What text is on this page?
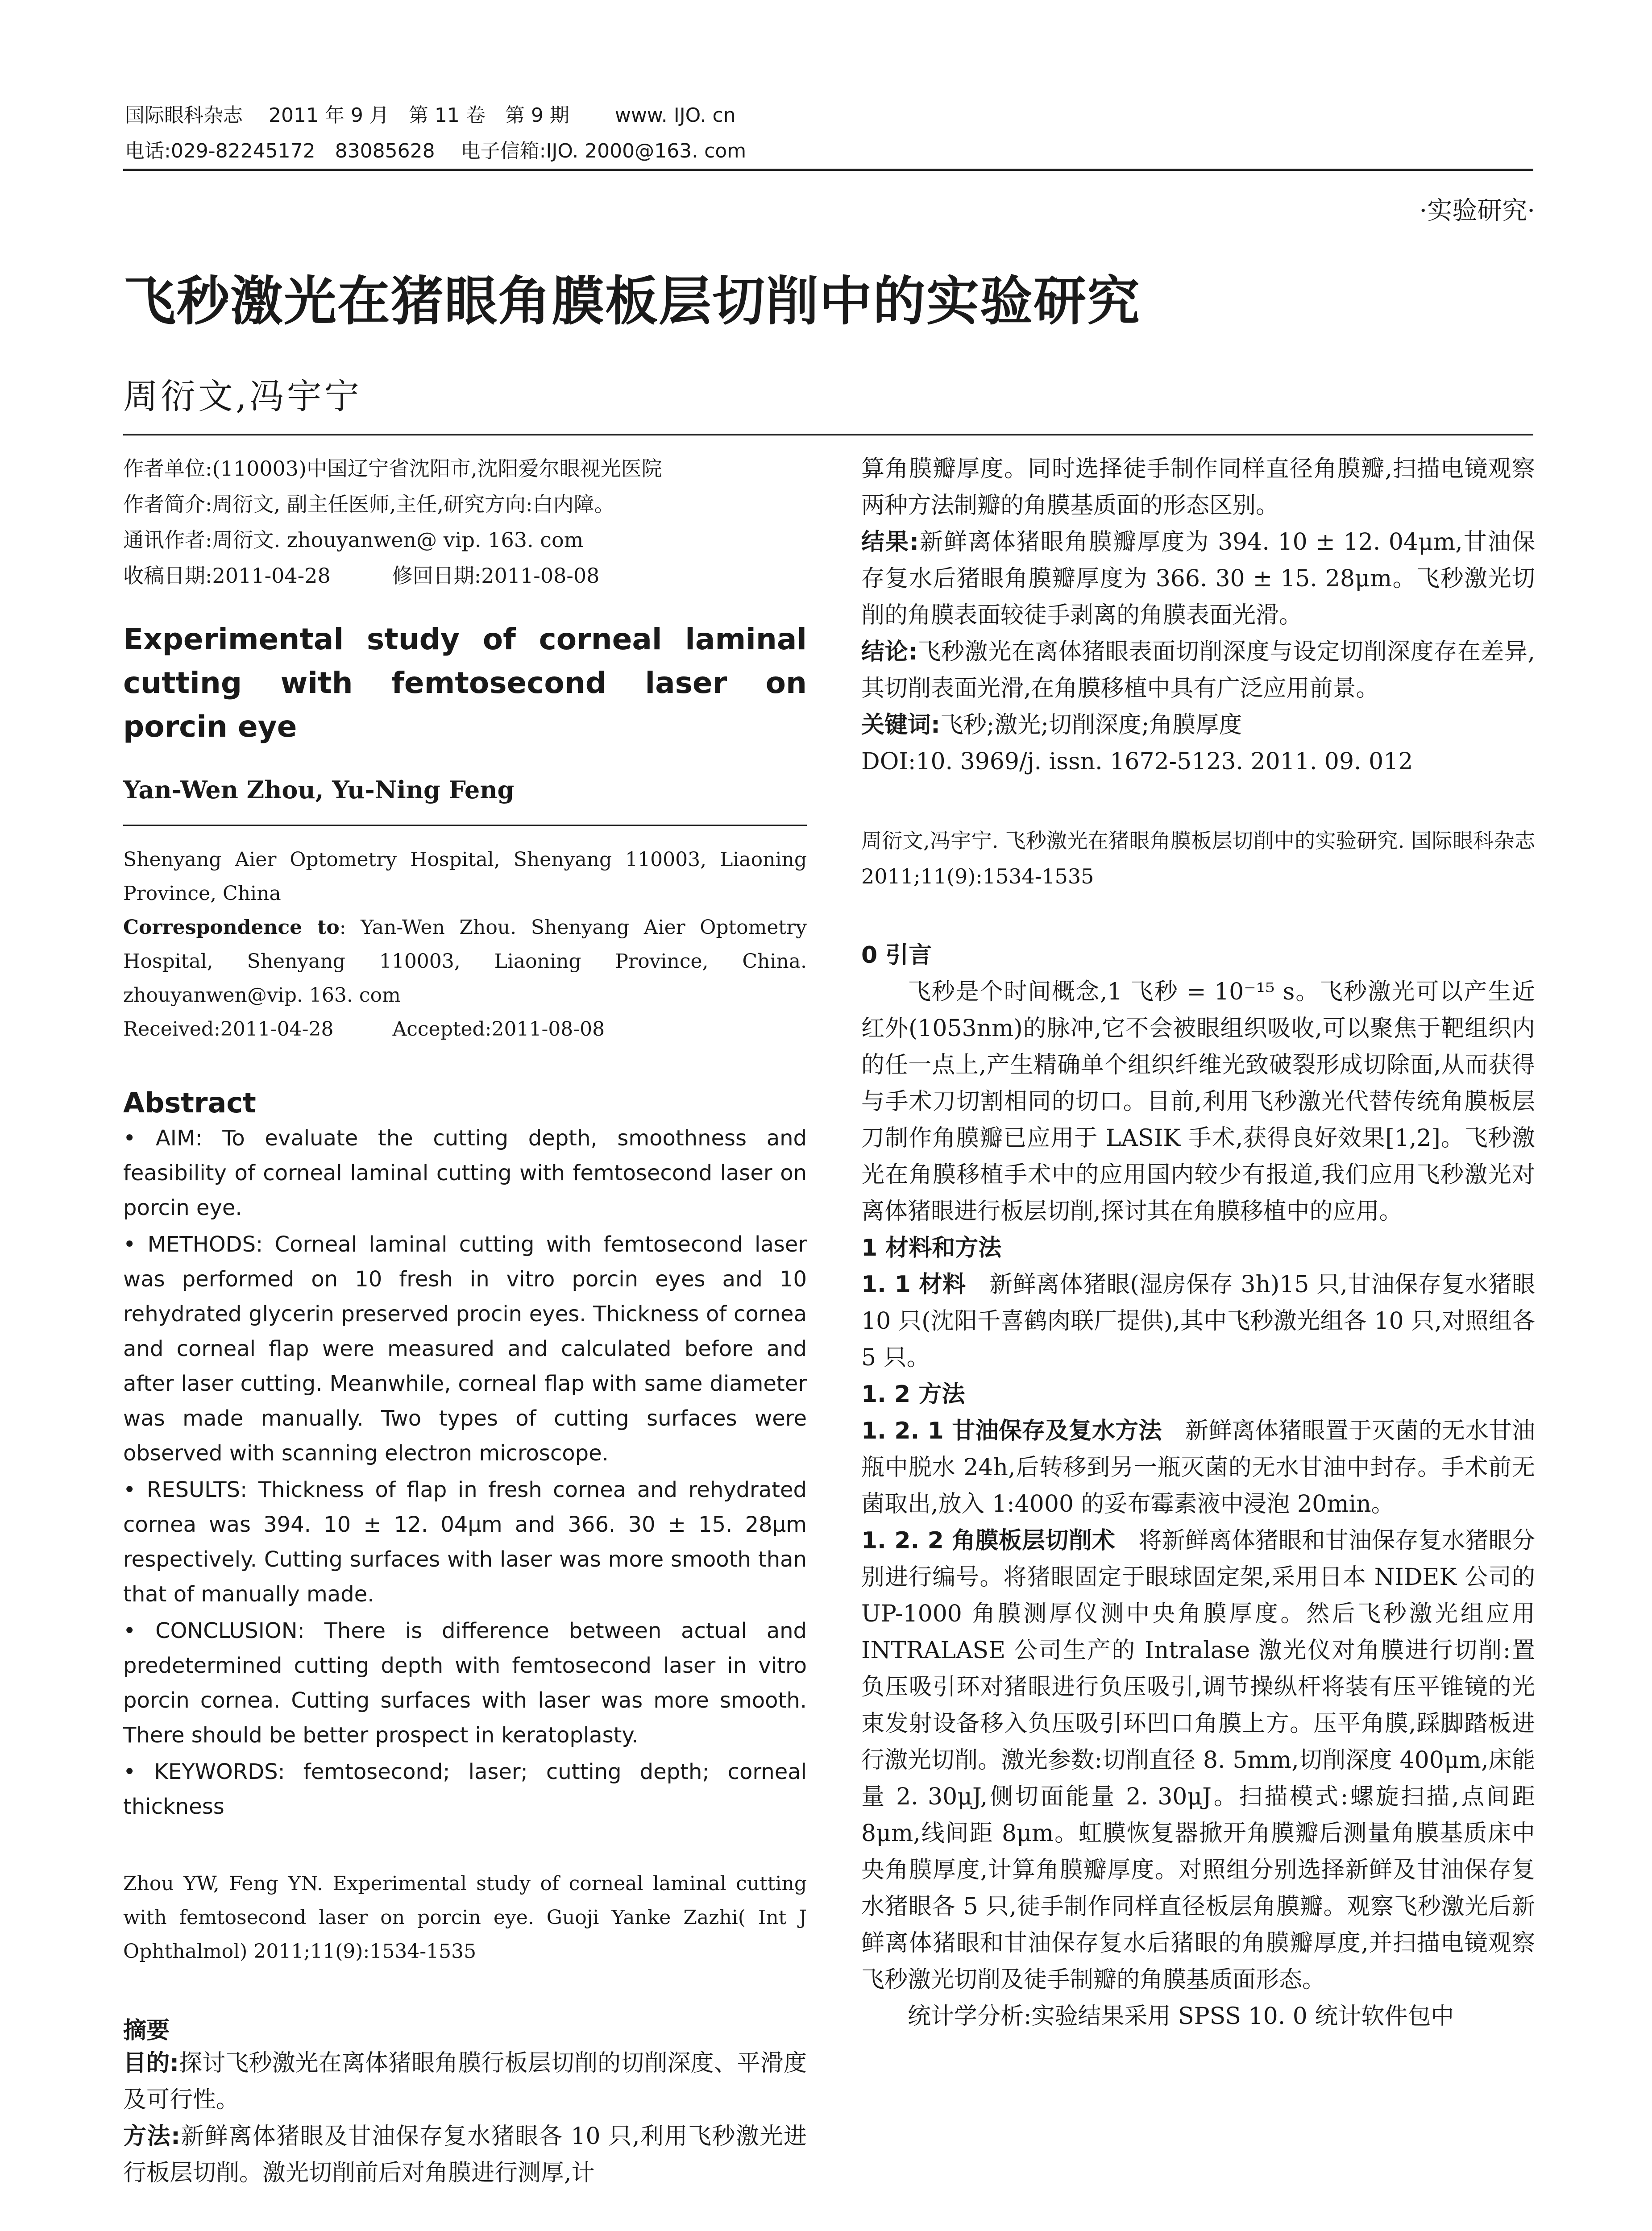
国际眼科杂志　 2011 年 9 月　第 11 卷　第 9 期　　 www. IJO. cn
电话:029-82245172　83085628　 电子信箱:IJO. 2000@163. com
·实验研究·
飞秒激光在猪眼角膜板层切削中的实验研究
周衍文,冯宇宁
作者单位:(110003)中国辽宁省沈阳市,沈阳爱尔眼视光医院
作者简介:周衍文, 副主任医师,主任,研究方向:白内障。
通讯作者:周衍文. zhouyanwen@ vip. 163. com
收稿日期:2011-04-28　　　修回日期:2011-08-08
Experimental study of corneal laminal
cutting with femtosecond laser on porcin eye
Yan-Wen Zhou, Yu-Ning Feng
Shenyang Aier Optometry Hospital, Shenyang 110003, Liaoning Province, China
Correspondence to: Yan-Wen Zhou. Shenyang Aier Optometry Hospital, Shenyang 110003, Liaoning Province, China. zhouyanwen@vip. 163. com
Received:2011-04-28　　　Accepted:2011-08-08
Abstract
• AIM: To evaluate the cutting depth, smoothness and feasibility of corneal laminal cutting with femtosecond laser on porcin eye.
• METHODS: Corneal laminal cutting with femtosecond laser was performed on 10 fresh in vitro porcin eyes and 10 rehydrated glycerin preserved procin eyes. Thickness of cornea and corneal flap were measured and calculated before and after laser cutting. Meanwhile, corneal flap with same diameter was made manually. Two types of cutting surfaces were observed with scanning electron microscope.
• RESULTS: Thickness of flap in fresh cornea and rehydrated cornea was 394. 10 ± 12. 04μm and 366. 30 ± 15. 28μm respectively. Cutting surfaces with laser was more smooth than that of manually made.
• CONCLUSION: There is difference between actual and predetermined cutting depth with femtosecond laser in vitro porcin cornea. Cutting surfaces with laser was more smooth. There should be better prospect in keratoplasty.
• KEYWORDS: femtosecond; laser; cutting depth; corneal thickness
Zhou YW, Feng YN. Experimental study of corneal laminal cutting with femtosecond laser on porcin eye. Guoji Yanke Zazhi( Int J Ophthalmol) 2011;11(9):1534-1535
摘要
目的:探讨飞秒激光在离体猪眼角膜行板层切削的切削深度、平滑度及可行性。
方法:新鲜离体猪眼及甘油保存复水猪眼各 10 只,利用飞秒激光进行板层切削。激光切削前后对角膜进行测厚,计
算角膜瓣厚度。同时选择徒手制作同样直径角膜瓣,扫描电镜观察两种方法制瓣的角膜基质面的形态区别。
结果:新鲜离体猪眼角膜瓣厚度为 394. 10 ± 12. 04μm,甘油保存复水后猪眼角膜瓣厚度为 366. 30 ± 15. 28μm。飞秒激光切削的角膜表面较徒手剥离的角膜表面光滑。
结论:飞秒激光在离体猪眼表面切削深度与设定切削深度存在差异,其切削表面光滑,在角膜移植中具有广泛应用前景。
关键词:飞秒;激光;切削深度;角膜厚度
DOI:10. 3969/j. issn. 1672-5123. 2011. 09. 012
周衍文,冯宇宁. 飞秒激光在猪眼角膜板层切削中的实验研究. 国际眼科杂志 2011;11(9):1534-1535
0 引言
飞秒是个时间概念,1 飞秒 = 10⁻¹⁵ s。飞秒激光可以产生近红外(1053nm)的脉冲,它不会被眼组织吸收,可以聚焦于靶组织内的任一点上,产生精确单个组织纤维光致破裂形成切除面,从而获得与手术刀切割相同的切口。目前,利用飞秒激光代替传统角膜板层刀制作角膜瓣已应用于 LASIK 手术,获得良好效果[1,2]。飞秒激光在角膜移植手术中的应用国内较少有报道,我们应用飞秒激光对离体猪眼进行板层切削,探讨其在角膜移植中的应用。
1 材料和方法
1. 1 材料　 新鲜离体猪眼(湿房保存 3h)15 只,甘油保存复水猪眼 10 只(沈阳千喜鹤肉联厂提供),其中飞秒激光组各 10 只,对照组各 5 只。
1. 2 方法
1. 2. 1 甘油保存及复水方法　 新鲜离体猪眼置于灭菌的无水甘油瓶中脱水 24h,后转移到另一瓶灭菌的无水甘油中封存。手术前无菌取出,放入 1:4000 的妥布霉素液中浸泡 20min。
1. 2. 2 角膜板层切削术　 将新鲜离体猪眼和甘油保存复水猪眼分别进行编号。将猪眼固定于眼球固定架,采用日本 NIDEK 公司的 UP-1000 角膜测厚仪测中央角膜厚度。然后飞秒激光组应用 INTRALASE 公司生产的 Intralase 激光仪对角膜进行切削:置负压吸引环对猪眼进行负压吸引,调节操纵杆将装有压平锥镜的光束发射设备移入负压吸引环凹口角膜上方。压平角膜,踩脚踏板进行激光切削。激光参数:切削直径 8. 5mm,切削深度 400μm,床能量 2. 30μJ,侧切面能量 2. 30μJ。扫描模式:螺旋扫描,点间距 8μm,线间距 8μm。虹膜恢复器掀开角膜瓣后测量角膜基质床中央角膜厚度,计算角膜瓣厚度。对照组分别选择新鲜及甘油保存复水猪眼各 5 只,徒手制作同样直径板层角膜瓣。观察飞秒激光后新鲜离体猪眼和甘油保存复水后猪眼的角膜瓣厚度,并扫描电镜观察飞秒激光切削及徒手制瓣的角膜基质面形态。
统计学分析:实验结果采用 SPSS 10. 0 统计软件包中
